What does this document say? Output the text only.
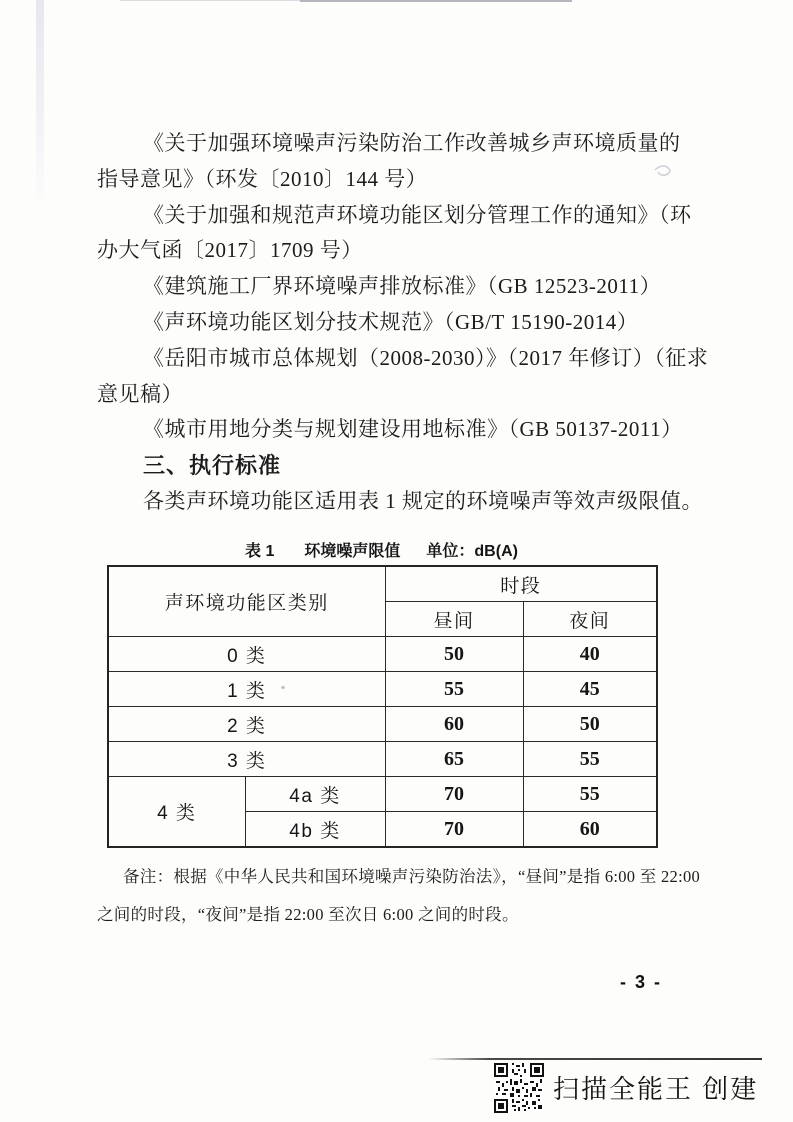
《关于加强环境噪声污染防治工作改善城乡声环境质量的
指导意见》（环发〔2010〕144 号）
《关于加强和规范声环境功能区划分管理工作的通知》（环
办大气函〔2017〕1709 号）
《建筑施工厂界环境噪声排放标准》（GB 12523-2011）
《声环境功能区划分技术规范》（GB/T 15190-2014）
《岳阳市城市总体规划（2008-2030）》（2017 年修订）（征求
意见稿）
《城市用地分类与规划建设用地标准》（GB 50137-2011）
三、执行标准
各类声环境功能区适用表 1 规定的环境噪声等效声级限值。
表 1 环境噪声限值 单位：dB(A)
声环境功能区类别		时段	
		昼间	夜间
0 类		50	40
1 类		55	45
2 类		60	50
3 类		65	55
4 类	4a 类	70	55
	4b 类	70	60
备注：根据《中华人民共和国环境噪声污染防治法》，“昼间”是指 6:00 至 22:00
之间的时段，“夜间”是指 22:00 至次日 6:00 之间的时段。
- 3 -
扫描全能王 创建
